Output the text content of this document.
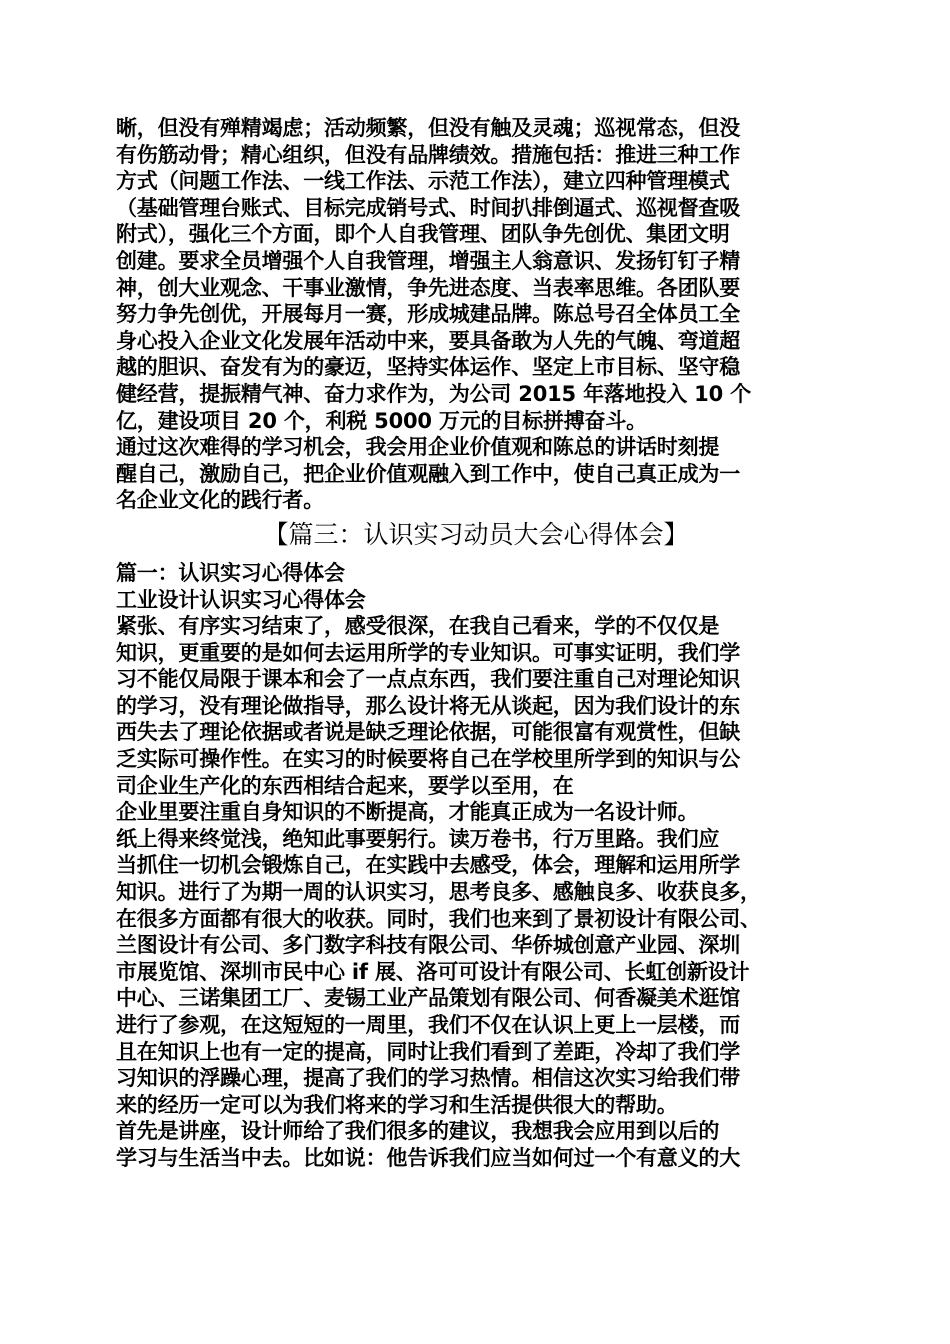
晰，但没有殚精竭虑；活动频繁，但没有触及灵魂；巡视常态，但没
有伤筋动骨；精心组织，但没有品牌绩效。措施包括：推进三种工作
方式（问题工作法、一线工作法、示范工作法），建立四种管理模式
（基础管理台账式、目标完成销号式、时间扒排倒逼式、巡视督查吸
附式），强化三个方面，即个人自我管理、团队争先创优、集团文明
创建。要求全员增强个人自我管理，增强主人翁意识、发扬钉钉子精
神，创大业观念、干事业激情，争先进态度、当表率思维。各团队要
努力争先创优，开展每月一赛，形成城建品牌。陈总号召全体员工全
身心投入企业文化发展年活动中来，要具备敢为人先的气魄、弯道超
越的胆识、奋发有为的豪迈，坚持实体运作、坚定上市目标、坚守稳
健经营，提振精气神、奋力求作为，为公司 2015 年落地投入 10 个
亿，建设项目 20 个，利税 5000 万元的目标拼搏奋斗。
通过这次难得的学习机会，我会用企业价值观和陈总的讲话时刻提
醒自己，激励自己，把企业价值观融入到工作中，使自己真正成为一
名企业文化的践行者。
【篇三：认识实习动员大会心得体会】
篇一：认识实习心得体会
工业设计认识实习心得体会
紧张、有序实习结束了，感受很深，在我自己看来，学的不仅仅是
知识，更重要的是如何去运用所学的专业知识。可事实证明，我们学
习不能仅局限于课本和会了一点点东西，我们要注重自己对理论知识
的学习，没有理论做指导，那么设计将无从谈起，因为我们设计的东
西失去了理论依据或者说是缺乏理论依据，可能很富有观赏性，但缺
乏实际可操作性。在实习的时候要将自己在学校里所学到的知识与公
司企业生产化的东西相结合起来，要学以至用，在
企业里要注重自身知识的不断提高，才能真正成为一名设计师。
纸上得来终觉浅，绝知此事要躬行。读万卷书，行万里路。我们应
当抓住一切机会锻炼自己，在实践中去感受，体会，理解和运用所学
知识。进行了为期一周的认识实习，思考良多、感触良多、收获良多，
在很多方面都有很大的收获。同时，我们也来到了景初设计有限公司、
兰图设计有公司、多门数字科技有限公司、华侨城创意产业园、深圳
市展览馆、深圳市民中心 if 展、洛可可设计有限公司、长虹创新设计
中心、三诺集团工厂、麦锡工业产品策划有限公司、何香凝美术逛馆
进行了参观，在这短短的一周里，我们不仅在认识上更上一层楼，而
且在知识上也有一定的提高，同时让我们看到了差距，冷却了我们学
习知识的浮躁心理，提高了我们的学习热情。相信这次实习给我们带
来的经历一定可以为我们将来的学习和生活提供很大的帮助。
首先是讲座，设计师给了我们很多的建议，我想我会应用到以后的
学习与生活当中去。比如说：他告诉我们应当如何过一个有意义的大
